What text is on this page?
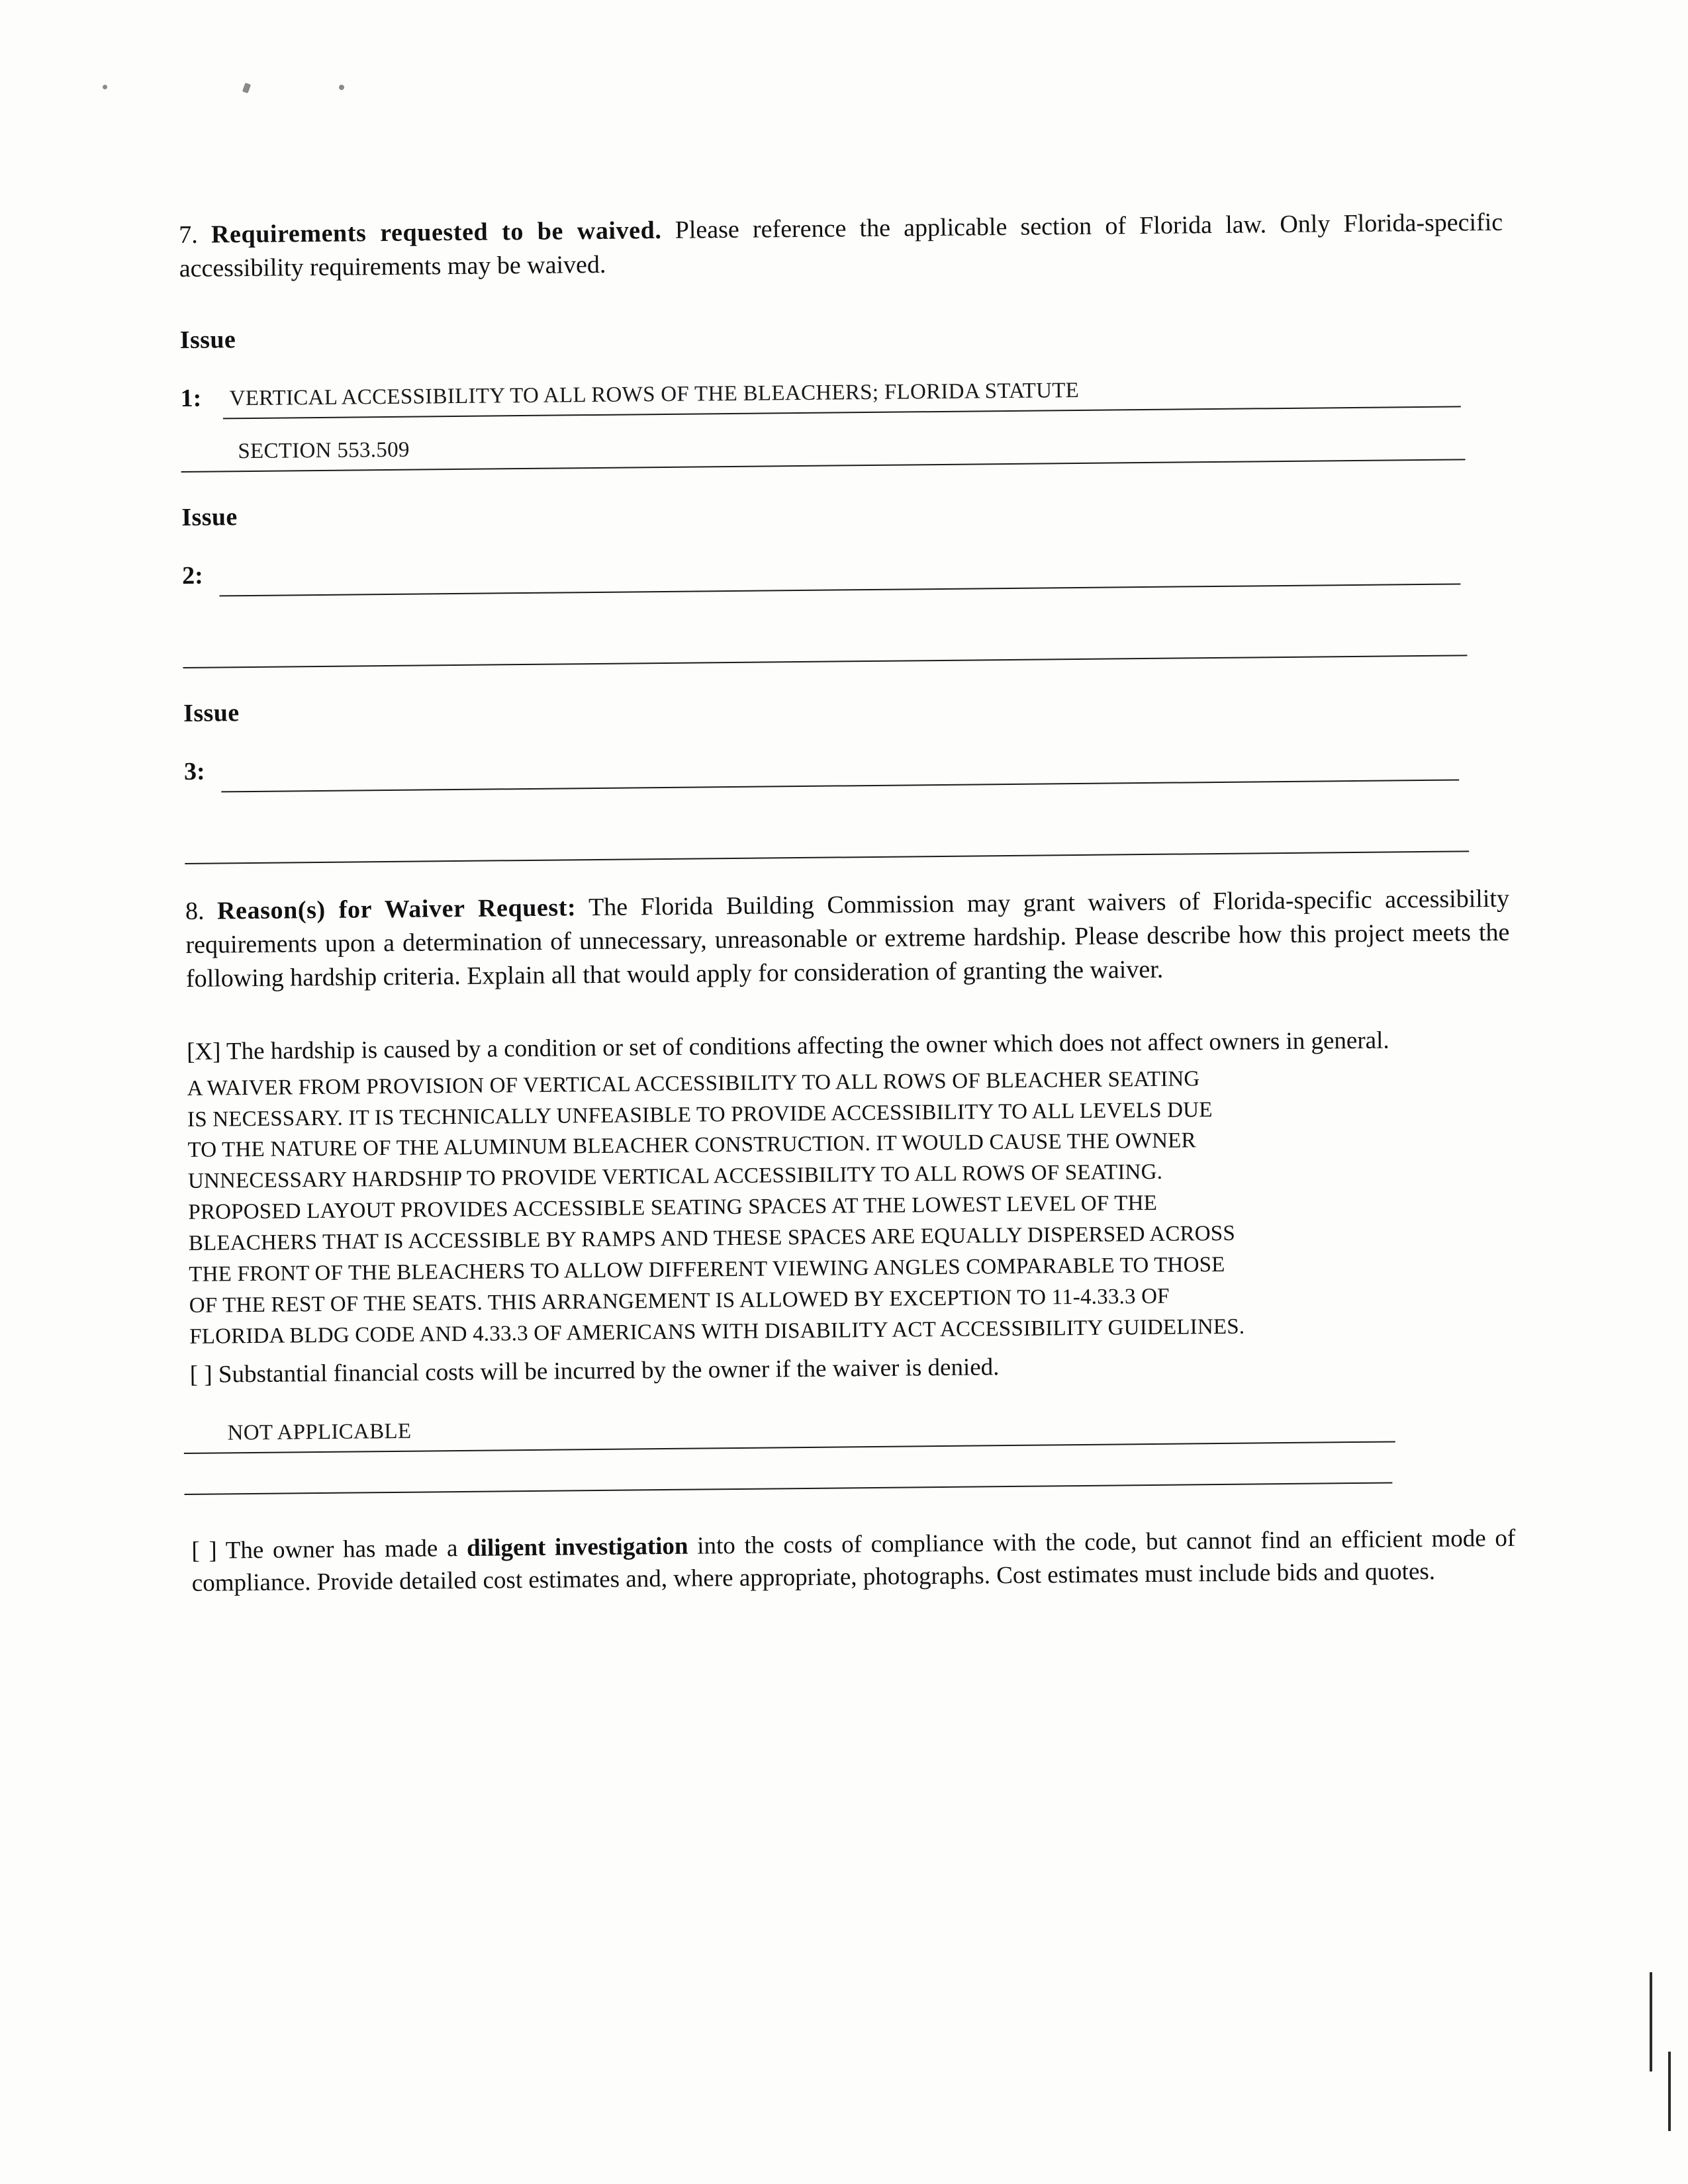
7. Requirements requested to be waived. Please reference the applicable section of Florida law. Only Florida-specific accessibility requirements may be waived.
Issue
1: VERTICAL ACCESSIBILITY TO ALL ROWS OF THE BLEACHERS; FLORIDA STATUTE
SECTION 553.509
Issue
2:
Issue
3:
8. Reason(s) for Waiver Request: The Florida Building Commission may grant waivers of Florida-specific accessibility requirements upon a determination of unnecessary, unreasonable or extreme hardship. Please describe how this project meets the following hardship criteria. Explain all that would apply for consideration of granting the waiver.
[X] The hardship is caused by a condition or set of conditions affecting the owner which does not affect owners in general.
A WAIVER FROM PROVISION OF VERTICAL ACCESSIBILITY TO ALL ROWS OF BLEACHER SEATING
IS NECESSARY. IT IS TECHNICALLY UNFEASIBLE TO PROVIDE ACCESSIBILITY TO ALL LEVELS DUE
TO THE NATURE OF THE ALUMINUM BLEACHER CONSTRUCTION. IT WOULD CAUSE THE OWNER
UNNECESSARY HARDSHIP TO PROVIDE VERTICAL ACCESSIBILITY TO ALL ROWS OF SEATING.
PROPOSED LAYOUT PROVIDES ACCESSIBLE SEATING SPACES AT THE LOWEST LEVEL OF THE
BLEACHERS THAT IS ACCESSIBLE BY RAMPS AND THESE SPACES ARE EQUALLY DISPERSED ACROSS
THE FRONT OF THE BLEACHERS TO ALLOW DIFFERENT VIEWING ANGLES COMPARABLE TO THOSE
OF THE REST OF THE SEATS. THIS ARRANGEMENT IS ALLOWED BY EXCEPTION TO 11-4.33.3 OF
FLORIDA BLDG CODE AND 4.33.3 OF AMERICANS WITH DISABILITY ACT ACCESSIBILITY GUIDELINES.
[ ] Substantial financial costs will be incurred by the owner if the waiver is denied.
NOT APPLICABLE
[ ] The owner has made a diligent investigation into the costs of compliance with the code, but cannot find an efficient mode of compliance. Provide detailed cost estimates and, where appropriate, photographs. Cost estimates must include bids and quotes.
